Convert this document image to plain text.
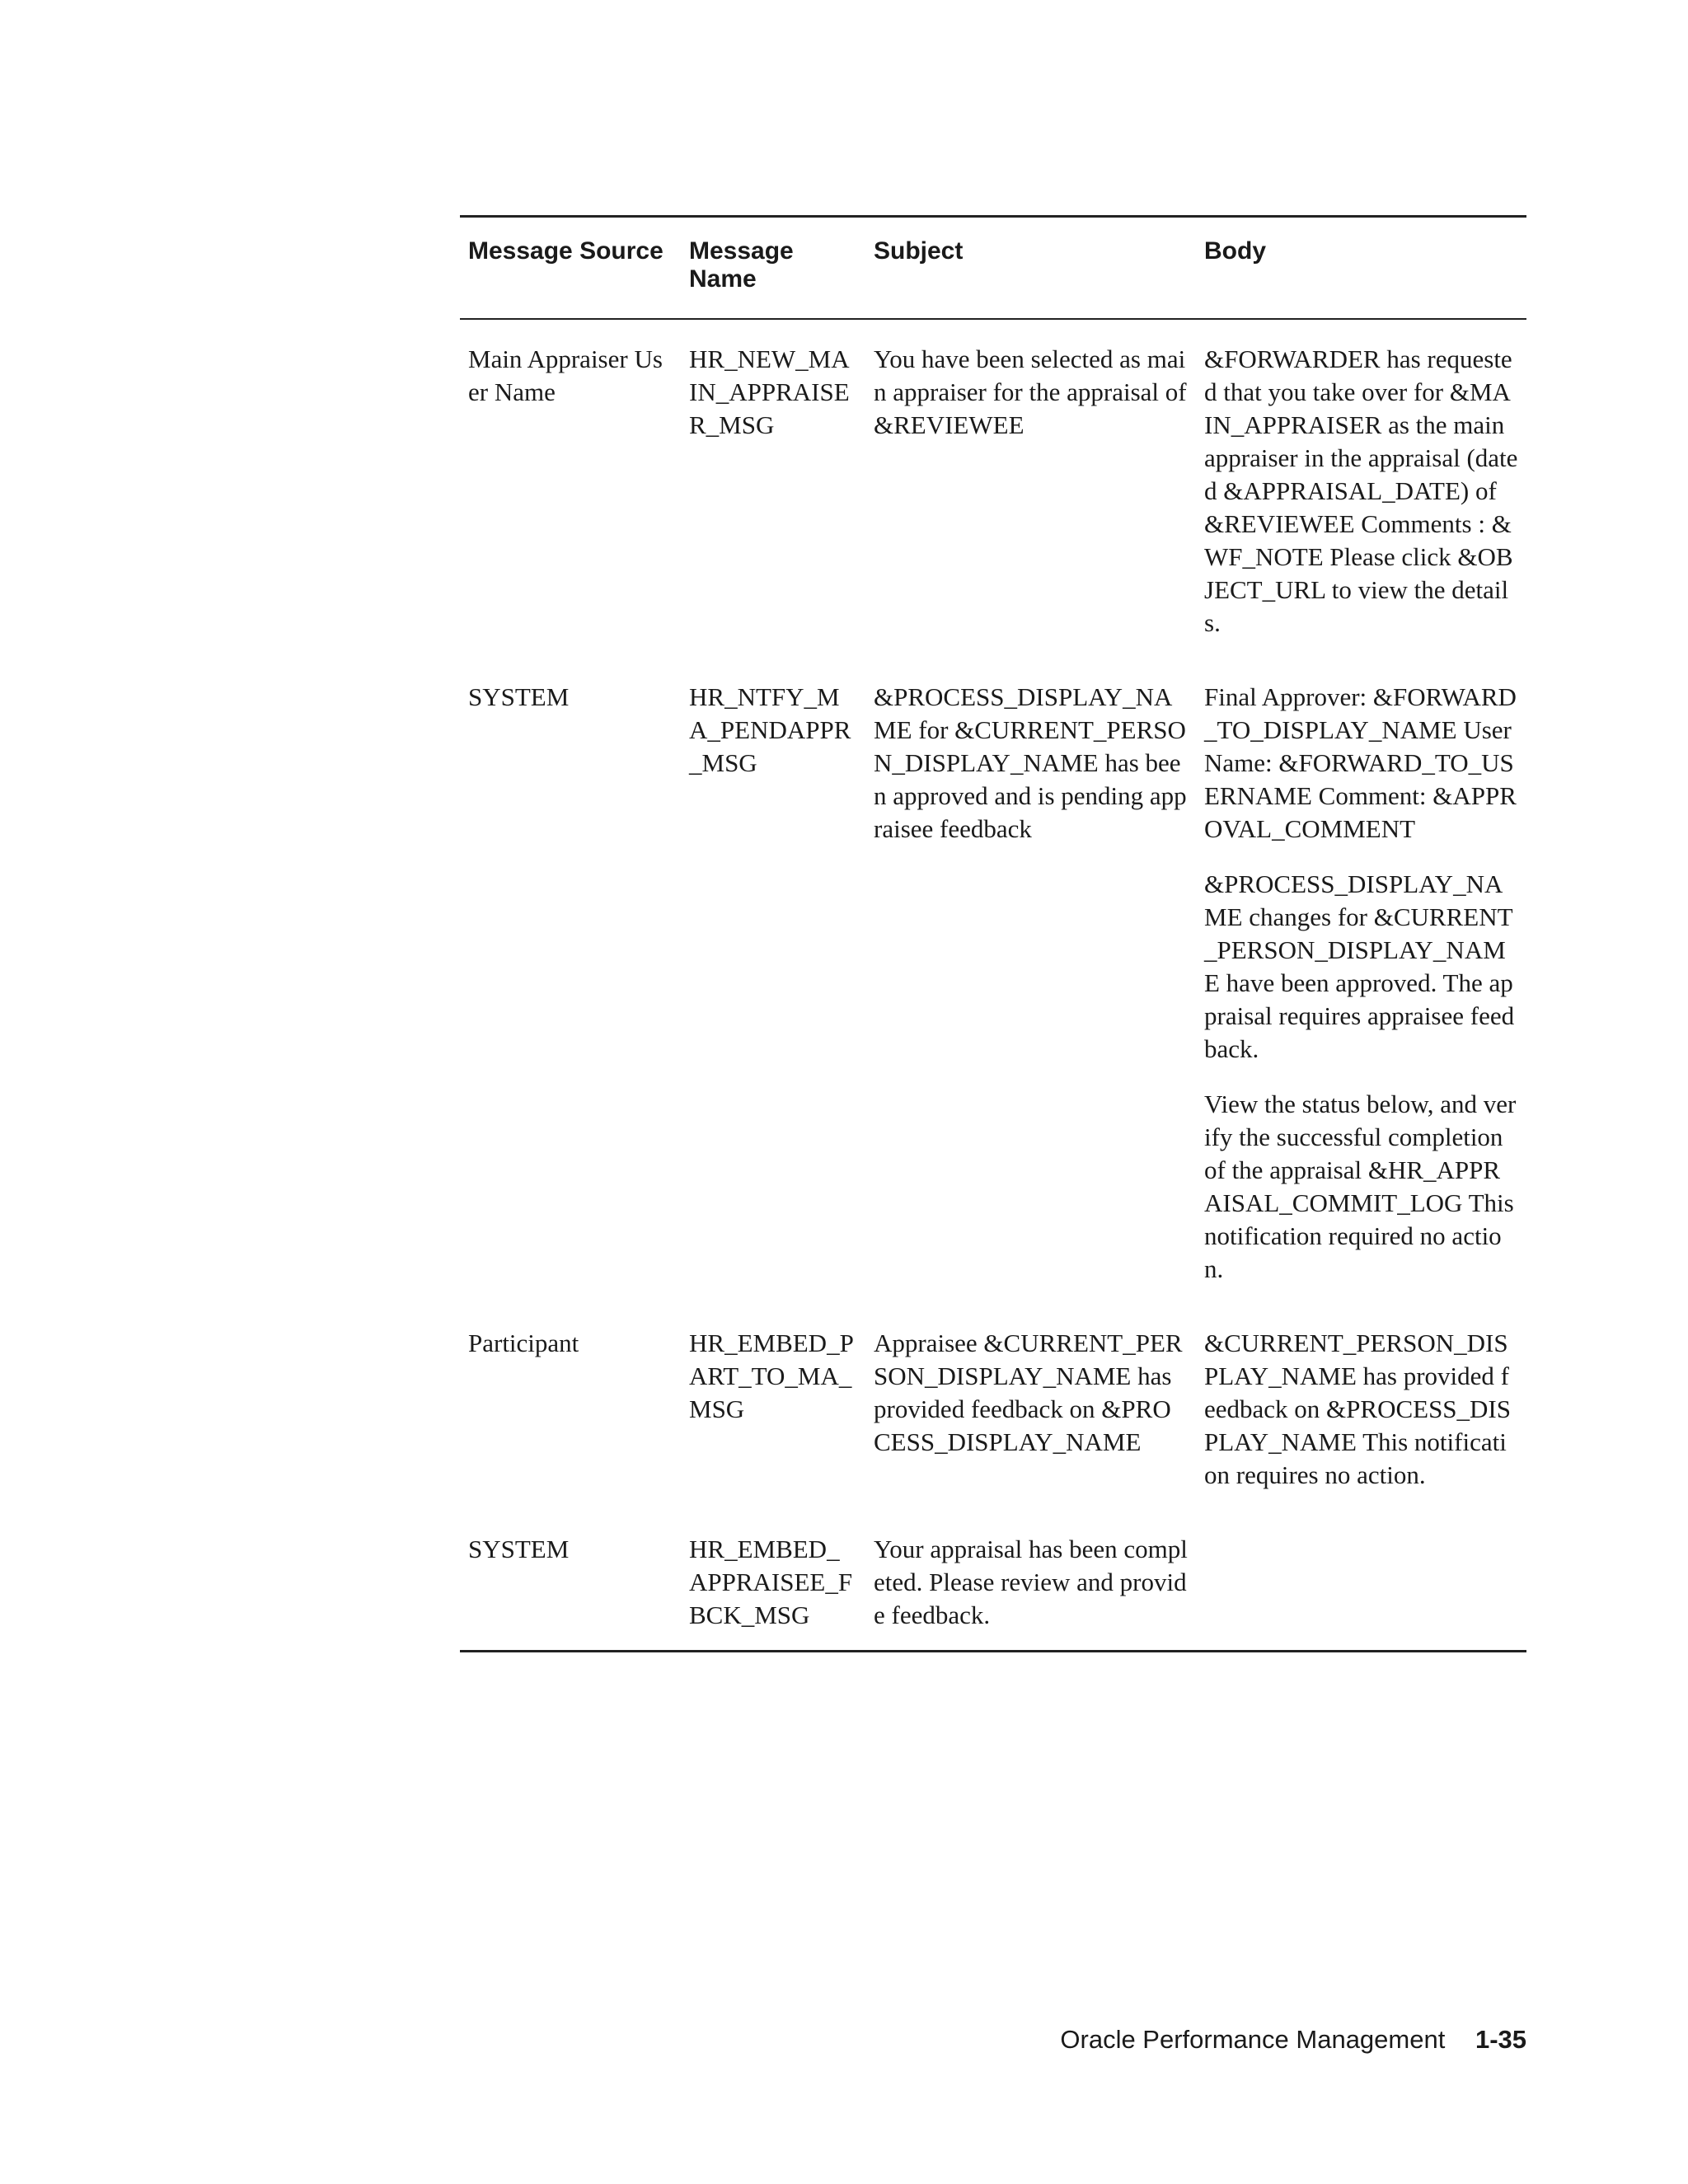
Message Source	Message Name	Subject	Body
Main Appraiser User Name	HR_NEW_MAIN_APPRAISER_MSG	You have been selected as main appraiser for the appraisal of &REVIEWEE	&FORWARDER has requested that you take over for &MAIN_APPRAISER as the main appraiser in the appraisal (dated &APPRAISAL_DATE) of &REVIEWEE Comments : &WF_NOTE Please click &OBJECT_URL to view the details.

SYSTEM	HR_NTFY_MA_PENDAPPR_MSG	&PROCESS_DISPLAY_NAME for &CURRENT_PERSON_DISPLAY_NAME has been approved and is pending appraisee feedback	Final Approver: &FORWARD_TO_DISPLAY_NAME User Name: &FORWARD_TO_USERNAME Comment: &APPROVAL_COMMENT

&PROCESS_DISPLAY_NAME changes for &CURRENT_PERSON_DISPLAY_NAME have been approved. The appraisal requires appraisee feedback.

View the status below, and verify the successful completion of the appraisal &HR_APPRAISAL_COMMIT_LOG This notification required no action.

Participant	HR_EMBED_PART_TO_MA_MSG	Appraisee &CURRENT_PERSON_DISPLAY_NAME has provided feedback on &PROCESS_DISPLAY_NAME	&CURRENT_PERSON_DISPLAY_NAME has provided feedback on &PROCESS_DISPLAY_NAME This notification requires no action.

SYSTEM	HR_EMBED_APPRAISEE_FBCK_MSG	Your appraisal has been completed. Please review and provide feedback.	
Oracle Performance Management 1-35
